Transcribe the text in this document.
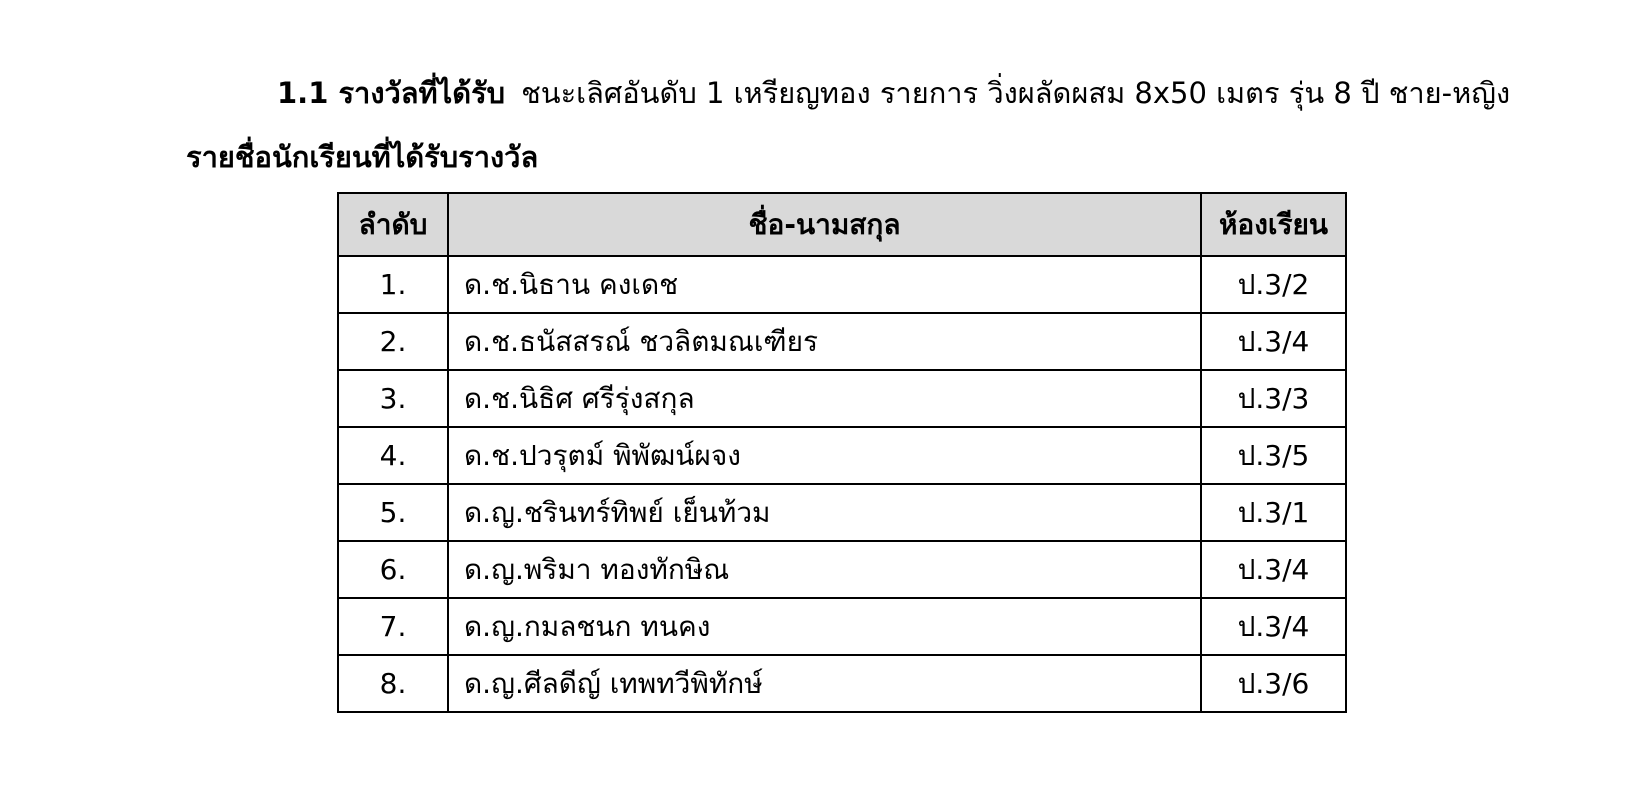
1.1 รางวัลที่ได้รับ ชนะเลิศอันดับ 1 เหรียญทอง รายการ วิ่งผลัดผสม 8x50 เมตร รุ่น 8 ปี ชาย-หญิง

รายชื่อนักเรียนที่ได้รับรางวัล

ลำดับ	ชื่อ-นามสกุล	ห้องเรียน
1.	ด.ช.นิธาน คงเดช	ป.3/2
2.	ด.ช.ธนัสสรณ์ ชวลิตมณเฑียร	ป.3/4
3.	ด.ช.นิธิศ ศรีรุ่งสกุล	ป.3/3
4.	ด.ช.ปวรุตม์ พิพัฒน์ผจง	ป.3/5
5.	ด.ญ.ชรินทร์ทิพย์ เย็นท้วม	ป.3/1
6.	ด.ญ.พริมา ทองทักษิณ	ป.3/4
7.	ด.ญ.กมลชนก ทนคง	ป.3/4
8.	ด.ญ.ศีลดีญ์ เทพทวีพิทักษ์	ป.3/6
